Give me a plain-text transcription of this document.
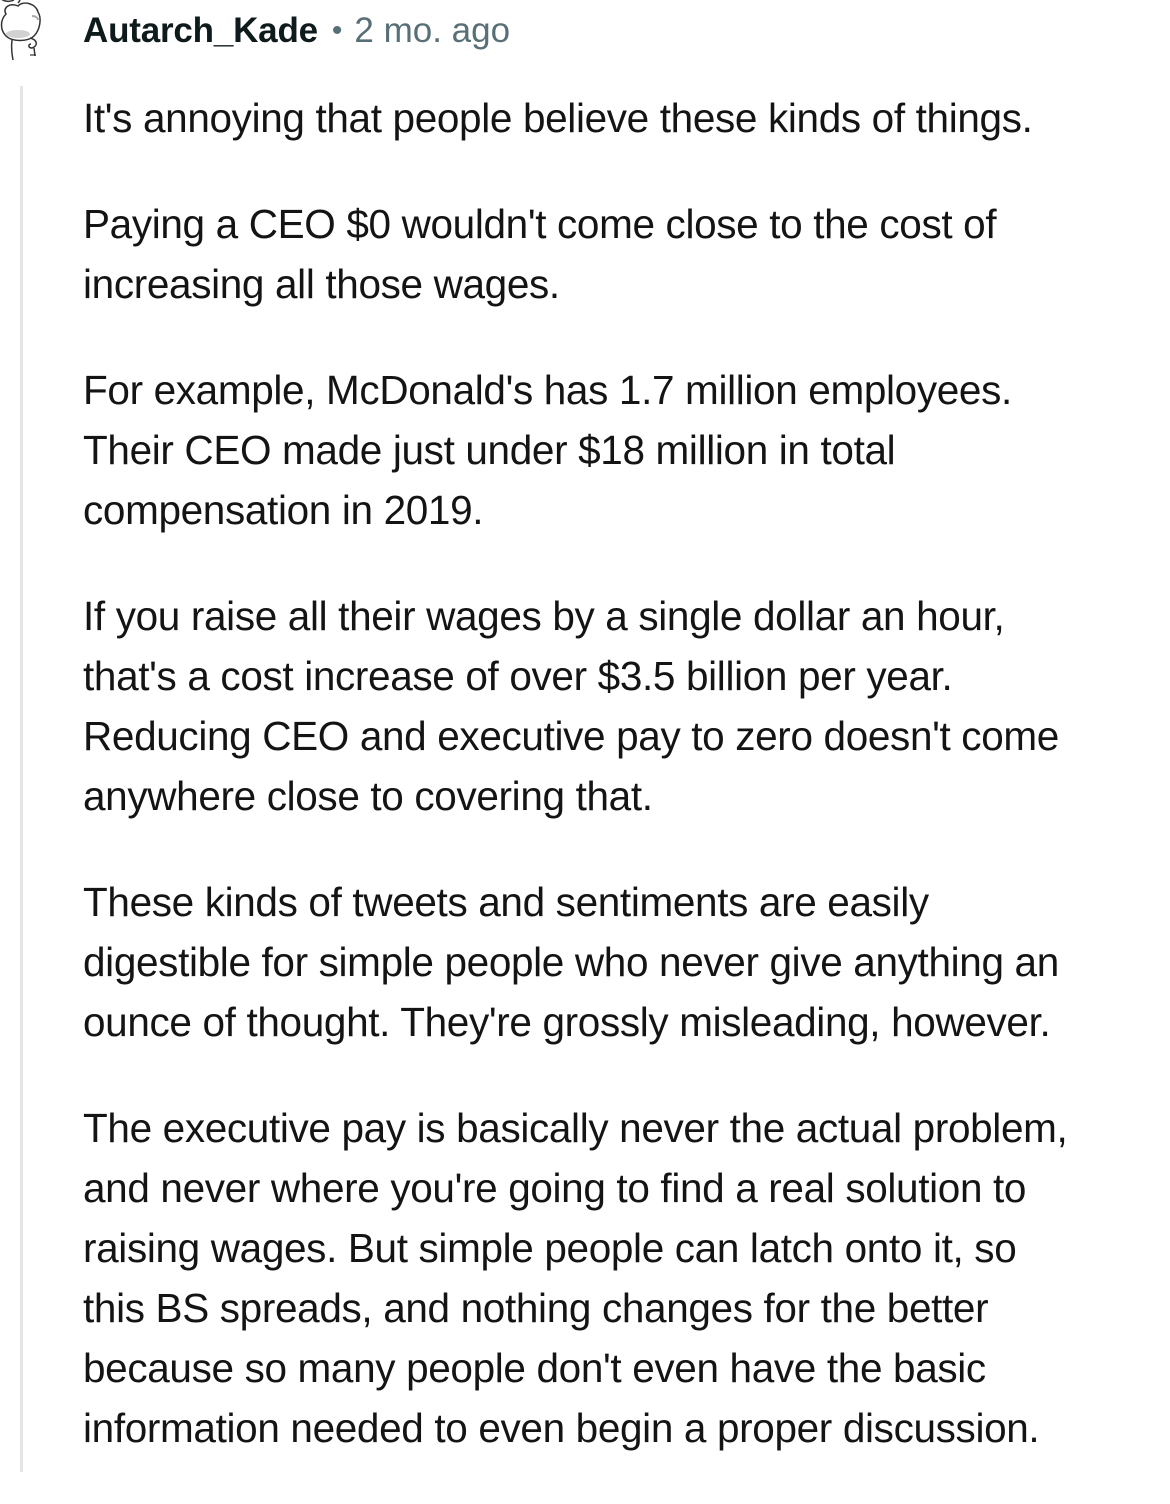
Autarch_Kade • 2 mo. ago

It's annoying that people believe these kinds of things.

Paying a CEO $0 wouldn't come close to the cost of
increasing all those wages.

For example, McDonald's has 1.7 million employees.
Their CEO made just under $18 million in total
compensation in 2019.

If you raise all their wages by a single dollar an hour,
that's a cost increase of over $3.5 billion per year.
Reducing CEO and executive pay to zero doesn't come
anywhere close to covering that.

These kinds of tweets and sentiments are easily
digestible for simple people who never give anything an
ounce of thought. They're grossly misleading, however.

The executive pay is basically never the actual problem,
and never where you're going to find a real solution to
raising wages. But simple people can latch onto it, so
this BS spreads, and nothing changes for the better
because so many people don't even have the basic
information needed to even begin a proper discussion.
